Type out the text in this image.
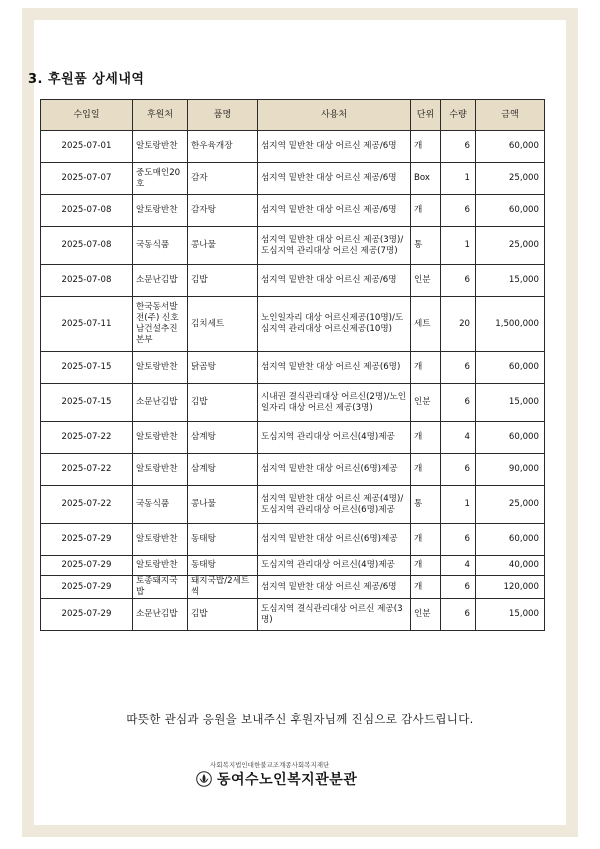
3. 후원품 상세내역
수입일	후원처	품명	사용처	단위	수량	금액
2025-07-01	알토랑반찬	한우육개장	섬지역 밑반찬 대상 어르신 제공/6명	개	6	60,000
2025-07-07	중도매인20호	감자	섬지역 밑반찬 대상 어르신 제공/6명	Box	1	25,000
2025-07-08	알토랑반찬	감자탕	섬지역 밑반찬 대상 어르신 제공/6명	개	6	60,000
2025-07-08	국동식품	콩나물	섬지역 밑반찬 대상 어르신 제공(3명)/도심지역 관리대상 어르신 제공(7명)	통	1	25,000
2025-07-08	소문난김밥	김밥	섬지역 밑반찬 대상 어르신 제공/6명	인분	6	15,000
2025-07-11	한국동서발전(주) 신호남건설추진본부	김치세트	노인일자리 대상 어르신제공(10명)/도심지역 관리대상 어르신제공(10명)	세트	20	1,500,000
2025-07-15	알토랑반찬	닭곰탕	섬지역 밑반찬 대상 어르신 제공(6명)	개	6	60,000
2025-07-15	소문난김밥	김밥	시내권 결식관리대상 어르신(2명)/노인일자리 대상 어르신 제공(3명)	인분	6	15,000
2025-07-22	알토랑반찬	삼계탕	도심지역 관리대상 어르신(4명)제공	개	4	60,000
2025-07-22	알토랑반찬	삼계탕	섬지역 밑반찬 대상 어르신(6명)제공	개	6	90,000
2025-07-22	국동식품	콩나물	섬지역 밑반찬 대상 어르신 제공(4명)/도심지역 관리대상 어르신(6명)제공	통	1	25,000
2025-07-29	알토랑반찬	동태탕	섬지역 밑반찬 대상 어르신(6명)제공	개	6	60,000
2025-07-29	알토랑반찬	동태탕	도심지역 관리대상 어르신(4명)제공	개	4	40,000
2025-07-29	토종돼지국밥	돼지국밥/2세트씩	섬지역 밑반찬 대상 어르신 제공/6명	개	6	120,000
2025-07-29	소문난김밥	김밥	도심지역 결식관리대상 어르신 제공(3명)	인분	6	15,000
따뜻한 관심과 응원을 보내주신 후원자님께 진심으로 감사드립니다.
사회복지법인대한불교조계종사회복지재단
동여수노인복지관분관
